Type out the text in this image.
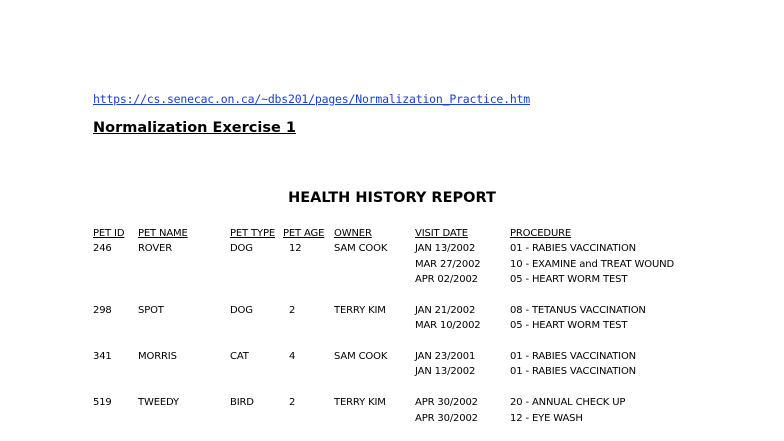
https://cs.senecac.on.ca/~dbs201/pages/Normalization_Practice.htm
Normalization Exercise 1
HEALTH HISTORY REPORT
PET ID PET NAME	PET TYPE PET AGE OWNER	VISIT DATE	PROCEDURE
246	ROVER	DOG	12	SAM COOK	JAN 13/2002	01 - RABIES VACCINATION
MAR 27/2002	10 - EXAMINE and TREAT WOUND
APR 02/2002	05 - HEART WORM TEST
298	SPOT	DOG	2	TERRY KIM	JAN 21/2002	08 - TETANUS VACCINATION
MAR 10/2002	05 - HEART WORM TEST
341	MORRIS	CAT	4	SAM COOK	JAN 23/2001	01 - RABIES VACCINATION
JAN 13/2002	01 - RABIES VACCINATION
519	TWEEDY	BIRD	2	TERRY KIM	APR 30/2002	20 - ANNUAL CHECK UP
APR 30/2002	12 - EYE WASH
